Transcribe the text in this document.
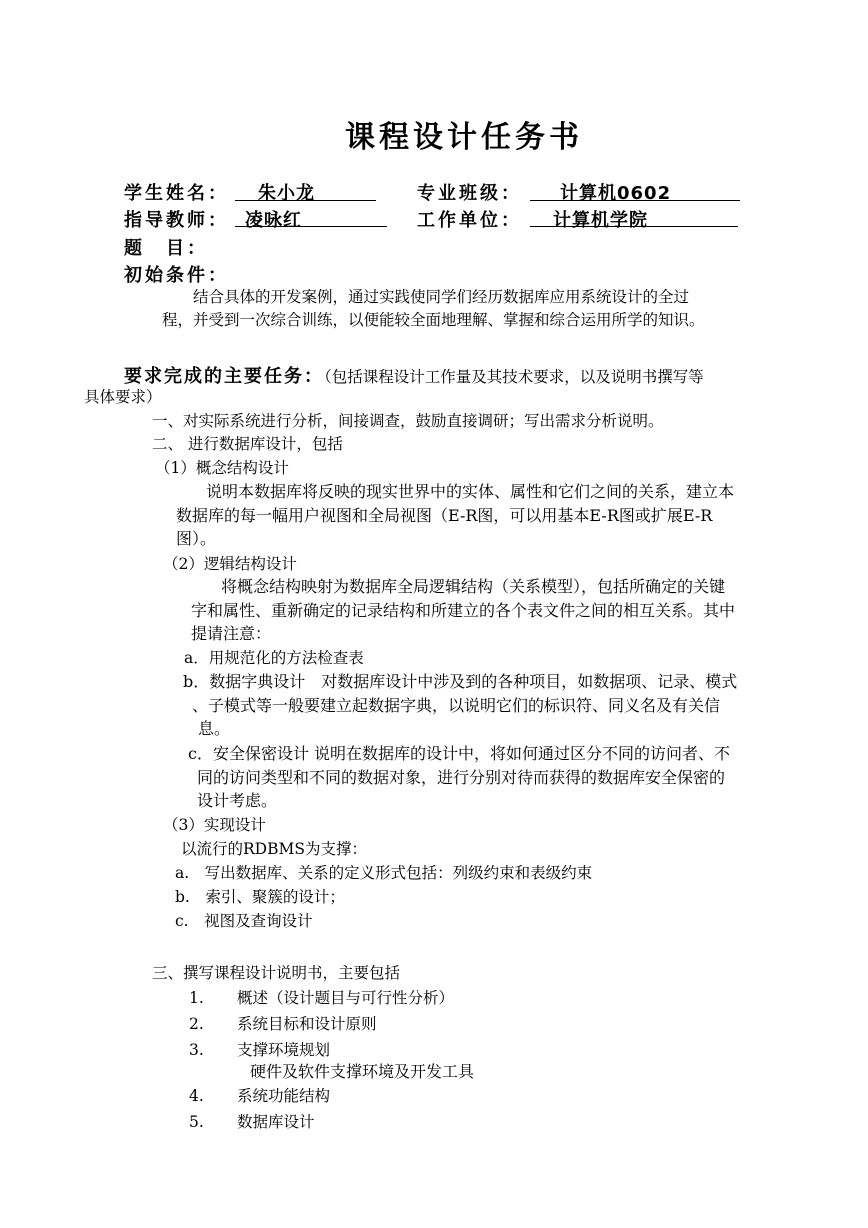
课程设计任务书
学生姓名： 朱小龙	专业班级： 计算机0602
指导教师： 凌咏红	工作单位： 计算机学院
题　目：
初始条件：
结合具体的开发案例，通过实践使同学们经历数据库应用系统设计的全过
程，并受到一次综合训练，以便能较全面地理解、掌握和综合运用所学的知识。
要求完成的主要任务：（包括课程设计工作量及其技术要求，以及说明书撰写等
具体要求）
一、对实际系统进行分析，间接调查，鼓励直接调研；写出需求分析说明。
二、 进行数据库设计，包括
（1）概念结构设计
说明本数据库将反映的现实世界中的实体、属性和它们之间的关系，建立本
数据库的每一幅用户视图和全局视图（E-R图，可以用基本E-R图或扩展E-R
图）。
（2）逻辑结构设计
将概念结构映射为数据库全局逻辑结构（关系模型），包括所确定的关键
字和属性、重新确定的记录结构和所建立的各个表文件之间的相互关系。其中
提请注意：
a．用规范化的方法检查表
b．数据字典设计　对数据库设计中涉及到的各种项目，如数据项、记录、模式
、子模式等一般要建立起数据字典，以说明它们的标识符、同义名及有关信
息。
c．安全保密设计 说明在数据库的设计中，将如何通过区分不同的访问者、不
同的访问类型和不同的数据对象，进行分别对待而获得的数据库安全保密的
设计考虑。
（3）实现设计
以流行的RDBMS为支撑：
a.　写出数据库、关系的定义形式包括：列级约束和表级约束
b.　索引、聚簇的设计；
c.　视图及查询设计
三、撰写课程设计说明书，主要包括
1. 概述（设计题目与可行性分析）
2. 系统目标和设计原则
3. 支撑环境规划
硬件及软件支撑环境及开发工具
4. 系统功能结构
5. 数据库设计
